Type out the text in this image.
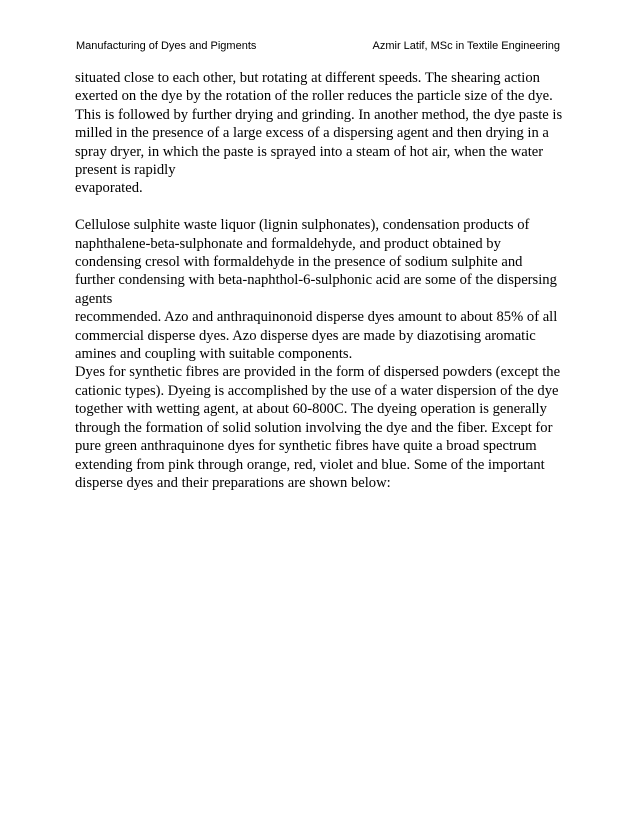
Manufacturing of Dyes and Pigments	Azmir Latif, MSc in Textile Engineering
situated close to each other, but rotating at different speeds. The shearing action
exerted on the dye by the rotation of the roller reduces the particle size of the dye.
This is followed by further drying and grinding. In another method, the dye paste is
milled in the presence of a large excess of a dispersing agent and then drying in a
spray dryer, in which the paste is sprayed into a steam of hot air, when the water
present is rapidly
evaporated.
Cellulose sulphite waste liquor (lignin sulphonates), condensation products of
naphthalene-beta-sulphonate and formaldehyde, and product obtained by
condensing cresol with formaldehyde in the presence of sodium sulphite and
further condensing with beta-naphthol-6-sulphonic acid are some of the dispersing
agents
recommended. Azo and anthraquinonoid disperse dyes amount to about 85% of all
commercial disperse dyes. Azo disperse dyes are made by diazotising aromatic
amines and coupling with suitable components.
Dyes for synthetic fibres are provided in the form of dispersed powders (except the
cationic types). Dyeing is accomplished by the use of a water dispersion of the dye
together with wetting agent, at about 60-800C. The dyeing operation is generally
through the formation of solid solution involving the dye and the fiber. Except for
pure green anthraquinone dyes for synthetic fibres have quite a broad spectrum
extending from pink through orange, red, violet and blue. Some of the important
disperse dyes and their preparations are shown below:
